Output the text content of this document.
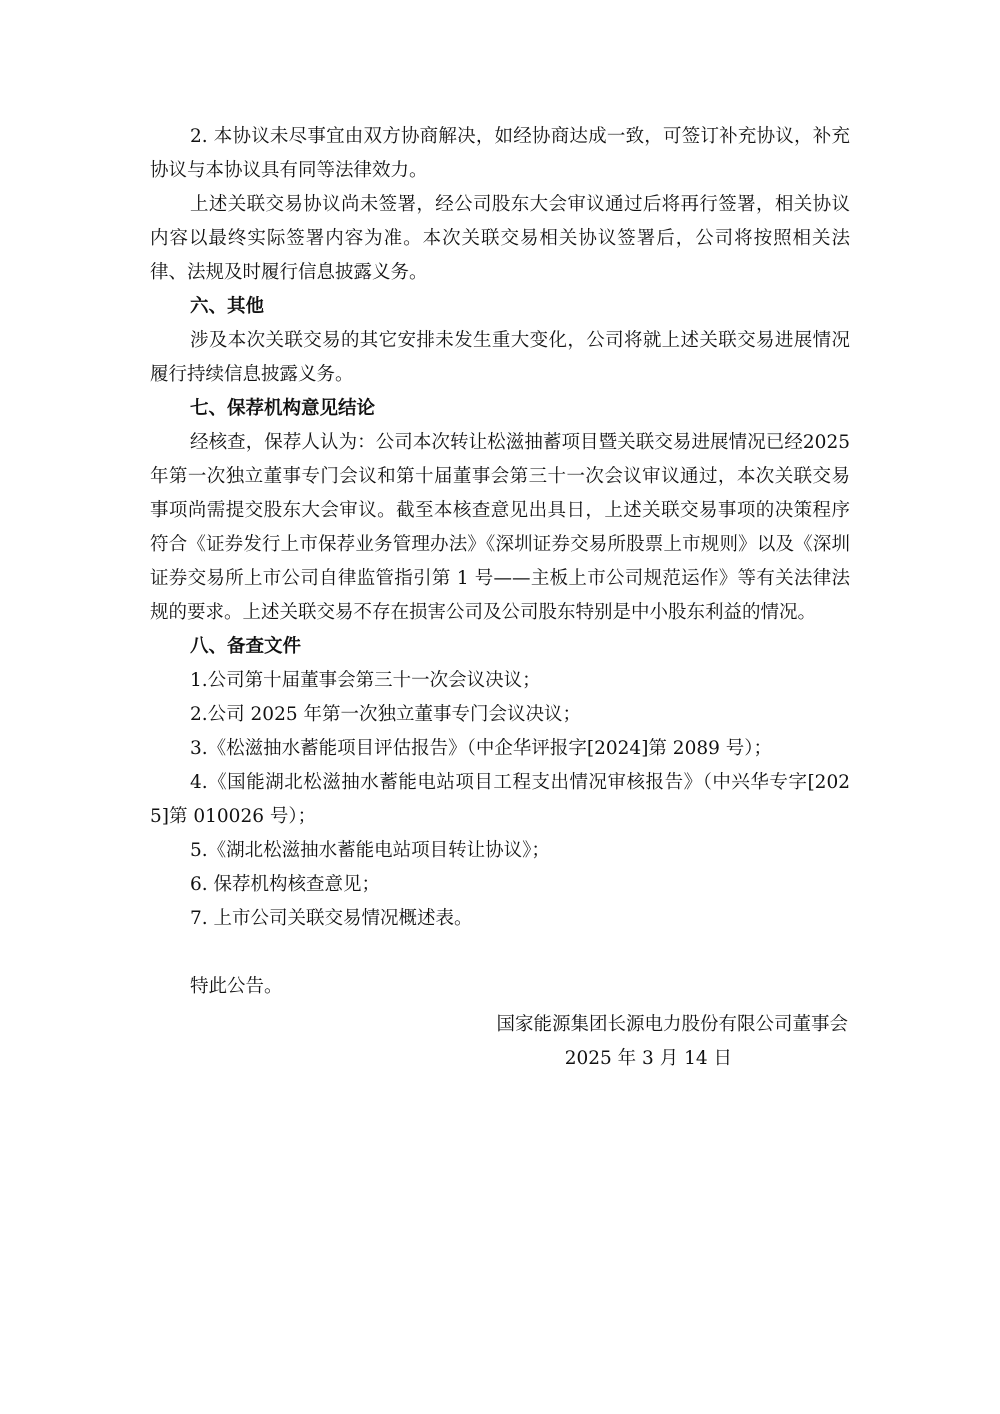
2. 本协议未尽事宜由双方协商解决，如经协商达成一致，可签订补充协议，补充协议与本协议具有同等法律效力。

上述关联交易协议尚未签署，经公司股东大会审议通过后将再行签署，相关协议内容以最终实际签署内容为准。本次关联交易相关协议签署后，公司将按照相关法律、法规及时履行信息披露义务。

六、其他

涉及本次关联交易的其它安排未发生重大变化，公司将就上述关联交易进展情况履行持续信息披露义务。

七、保荐机构意见结论

经核查，保荐人认为：公司本次转让松滋抽蓄项目暨关联交易进展情况已经2025 年第一次独立董事专门会议和第十届董事会第三十一次会议审议通过，本次关联交易事项尚需提交股东大会审议。截至本核查意见出具日，上述关联交易事项的决策程序符合《证券发行上市保荐业务管理办法》《深圳证券交易所股票上市规则》以及《深圳证券交易所上市公司自律监管指引第 1 号——主板上市公司规范运作》等有关法律法规的要求。上述关联交易不存在损害公司及公司股东特别是中小股东利益的情况。

八、备查文件

1.公司第十届董事会第三十一次会议决议；

2.公司 2025 年第一次独立董事专门会议决议；

3.《松滋抽水蓄能项目评估报告》（中企华评报字[2024]第 2089 号）；

4.《国能湖北松滋抽水蓄能电站项目工程支出情况审核报告》（中兴华专字[2025]第 010026 号）；

5.《湖北松滋抽水蓄能电站项目转让协议》；

6. 保荐机构核查意见；

7. 上市公司关联交易情况概述表。

特此公告。

国家能源集团长源电力股份有限公司董事会

2025 年 3 月 14 日
